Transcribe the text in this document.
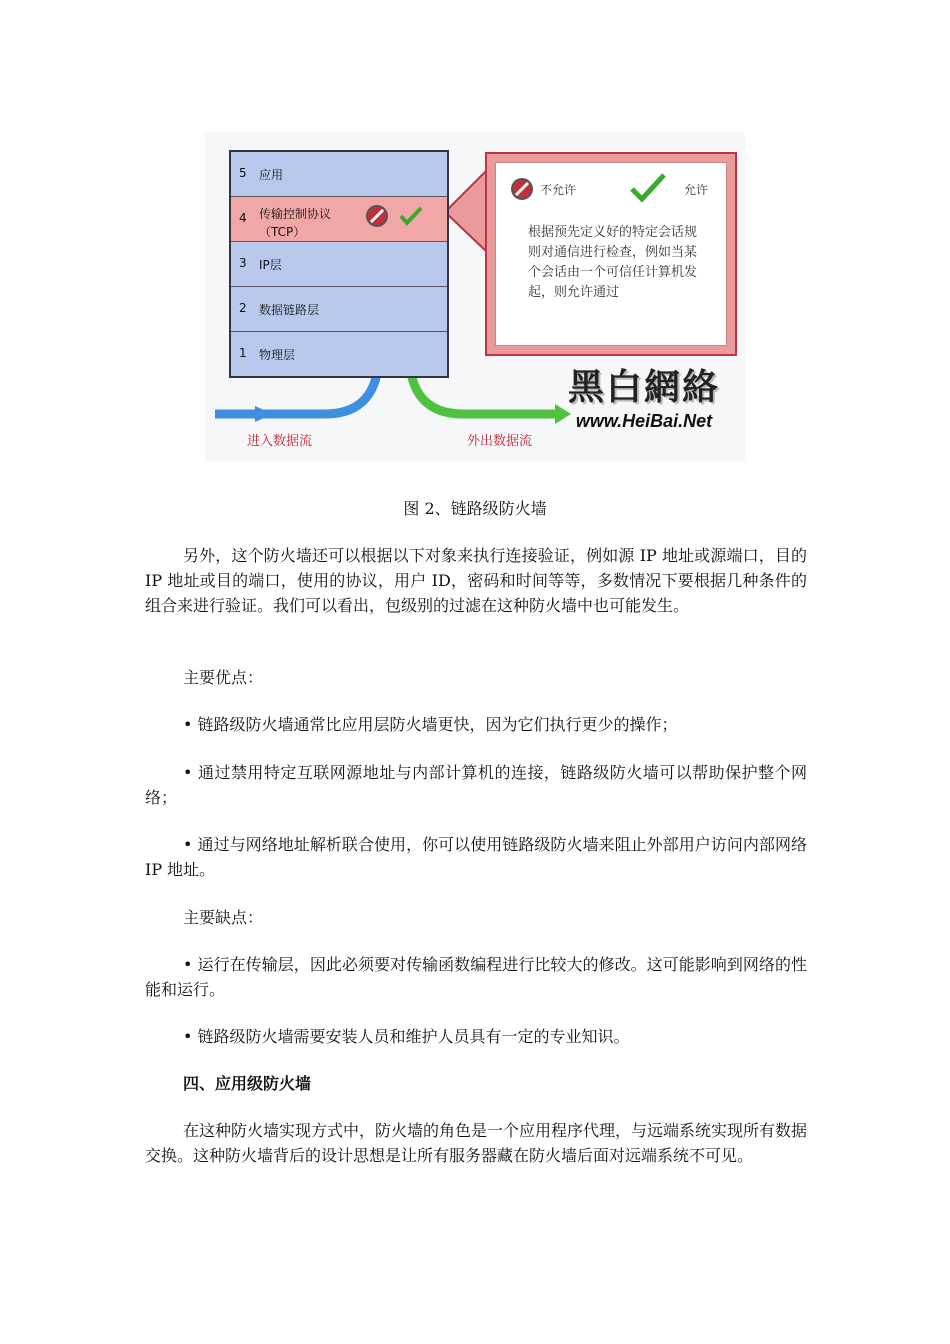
5 应用
4 传输控制协议
（TCP）
3 IP层
2 数据链路层
1 物理层
不允许	允许
根据预先定义好的特定会话规则对通信进行检查，例如当某个会话由一个可信任计算机发起，则允许通过
进入数据流	外出数据流
黑白網絡
www.HeiBai.Net
图 2、链路级防火墙

另外，这个防火墙还可以根据以下对象来执行连接验证，例如源 IP 地址或源端口，目的 IP 地址或目的端口，使用的协议，用户 ID，密码和时间等等，多数情况下要根据几种条件的组合来进行验证。我们可以看出，包级别的过滤在这种防火墙中也可能发生。

主要优点：

• 链路级防火墙通常比应用层防火墙更快，因为它们执行更少的操作；

• 通过禁用特定互联网源地址与内部计算机的连接，链路级防火墙可以帮助保护整个网络；

• 通过与网络地址解析联合使用，你可以使用链路级防火墙来阻止外部用户访问内部网络 IP 地址。

主要缺点：

• 运行在传输层，因此必须要对传输函数编程进行比较大的修改。这可能影响到网络的性能和运行。

• 链路级防火墙需要安装人员和维护人员具有一定的专业知识。

四、应用级防火墙

在这种防火墙实现方式中，防火墙的角色是一个应用程序代理，与远端系统实现所有数据交换。这种防火墙背后的设计思想是让所有服务器藏在防火墙后面对远端系统不可见。
